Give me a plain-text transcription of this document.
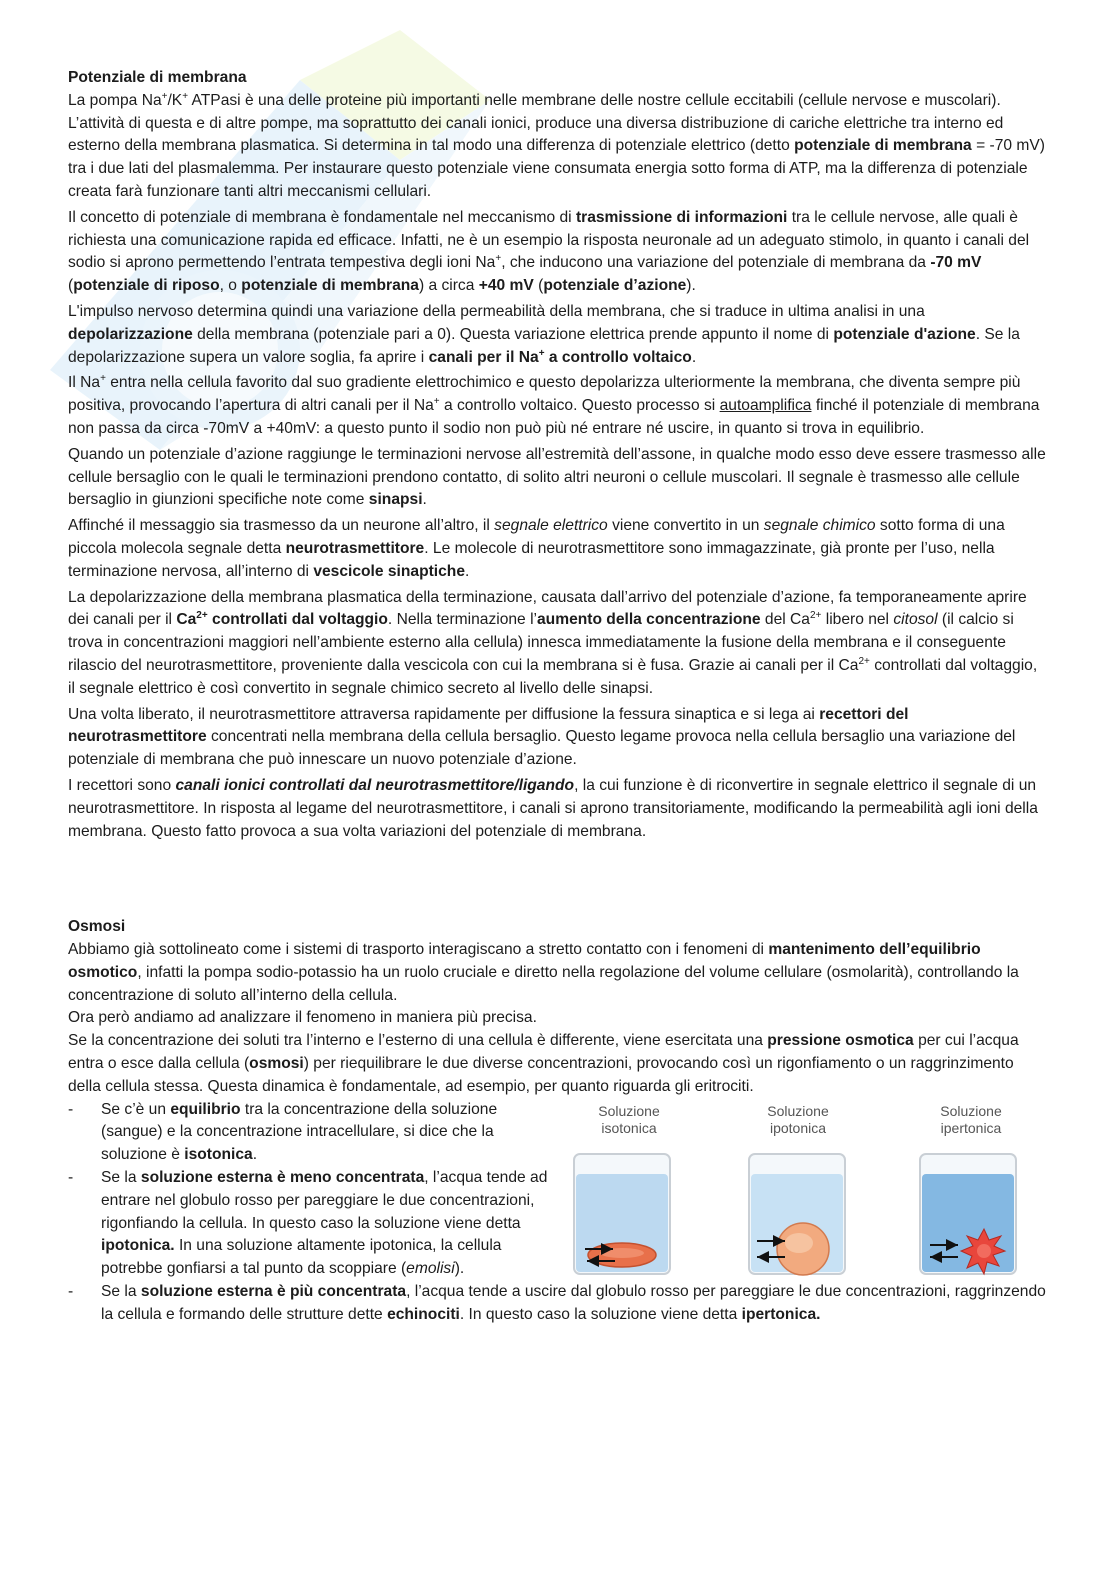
Potenziale di membrana

La pompa Na+/K+ ATPasi è una delle proteine più importanti nelle membrane delle nostre cellule eccitabili (cellule nervose e muscolari). L’attività di questa e di altre pompe, ma soprattutto dei canali ionici, produce una diversa distribuzione di cariche elettriche tra interno ed esterno della membrana plasmatica. Si determina in tal modo una differenza di potenziale elettrico (detto potenziale di membrana = -70 mV) tra i due lati del plasmalemma. Per instaurare questo potenziale viene consumata energia sotto forma di ATP, ma la differenza di potenziale creata farà funzionare tanti altri meccanismi cellulari.

Il concetto di potenziale di membrana è fondamentale nel meccanismo di trasmissione di informazioni tra le cellule nervose, alle quali è richiesta una comunicazione rapida ed efficace. Infatti, ne è un esempio la risposta neuronale ad un adeguato stimolo, in quanto i canali del sodio si aprono permettendo l’entrata tempestiva degli ioni Na+, che inducono una variazione del potenziale di membrana da -70 mV (potenziale di riposo, o potenziale di membrana) a circa +40 mV (potenziale d’azione).

L'impulso nervoso determina quindi una variazione della permeabilità della membrana, che si traduce in ultima analisi in una depolarizzazione della membrana (potenziale pari a 0). Questa variazione elettrica prende appunto il nome di potenziale d'azione. Se la depolarizzazione supera un valore soglia, fa aprire i canali per il Na+ a controllo voltaico.

Il Na+ entra nella cellula favorito dal suo gradiente elettrochimico e questo depolarizza ulteriormente la membrana, che diventa sempre più positiva, provocando l’apertura di altri canali per il Na+ a controllo voltaico. Questo processo si autoamplifica finché il potenziale di membrana non passa da circa -70mV a +40mV: a questo punto il sodio non può più né entrare né uscire, in quanto si trova in equilibrio.

Quando un potenziale d’azione raggiunge le terminazioni nervose all’estremità dell’assone, in qualche modo esso deve essere trasmesso alle cellule bersaglio con le quali le terminazioni prendono contatto, di solito altri neuroni o cellule muscolari. Il segnale è trasmesso alle cellule bersaglio in giunzioni specifiche note come sinapsi.

Affinché il messaggio sia trasmesso da un neurone all’altro, il segnale elettrico viene convertito in un segnale chimico sotto forma di una piccola molecola segnale detta neurotrasmettitore. Le molecole di neurotrasmettitore sono immagazzinate, già pronte per l’uso, nella terminazione nervosa, all’interno di vescicole sinaptiche.

La depolarizzazione della membrana plasmatica della terminazione, causata dall’arrivo del potenziale d’azione, fa temporaneamente aprire dei canali per il $Ca^{2+}$ controllati dal voltaggio. Nella terminazione l’aumento della concentrazione del $Ca^{2+}$ libero nel citosol (il calcio si trova in concentrazioni maggiori nell’ambiente esterno alla cellula) innesca immediatamente la fusione della membrana e il conseguente rilascio del neurotrasmettitore, proveniente dalla vescicola con cui la membrana si è fusa. Grazie ai canali per il $Ca^{2+}$ controllati dal voltaggio, il segnale elettrico è così convertito in segnale chimico secreto al livello delle sinapsi.

Una volta liberato, il neurotrasmettitore attraversa rapidamente per diffusione la fessura sinaptica e si lega ai recettori del neurotrasmettitore concentrati nella membrana della cellula bersaglio. Questo legame provoca nella cellula bersaglio una variazione del potenziale di membrana che può innescare un nuovo potenziale d’azione.

I recettori sono canali ionici controllati dal neurotrasmettitore/ligando, la cui funzione è di riconvertire in segnale elettrico il segnale di un neurotrasmettitore. In risposta al legame del neurotrasmettitore, i canali si aprono transitoriamente, modificando la permeabilità agli ioni della membrana. Questo fatto provoca a sua volta variazioni del potenziale di membrana.

Osmosi

Abbiamo già sottolineato come i sistemi di trasporto interagiscano a stretto contatto con i fenomeni di mantenimento dell’equilibrio osmotico, infatti la pompa sodio-potassio ha un ruolo cruciale e diretto nella regolazione del volume cellulare (osmolarità), controllando la concentrazione di soluto all’interno della cellula.

Ora però andiamo ad analizzare il fenomeno in maniera più precisa.

Se la concentrazione dei soluti tra l’interno e l’esterno di una cellula è differente, viene esercitata una pressione osmotica per cui l’acqua entra o esce dalla cellula (osmosi) per riequilibrare le due diverse concentrazioni, provocando così un rigonfiamento o un raggrinzimento della cellula stessa. Questa dinamica è fondamentale, ad esempio, per quanto riguarda gli eritrociti.

Soluzione
isotonica
Soluzione
ipotonica
Soluzione
ipertonica
- Se c’è un equilibrio tra la concentrazione della soluzione (sangue) e la concentrazione intracellulare, si dice che la soluzione è isotonica.
- Se la soluzione esterna è meno concentrata, l’acqua tende ad entrare nel globulo rosso per pareggiare le due concentrazioni, rigonfiando la cellula. In questo caso la soluzione viene detta ipotonica. In una soluzione altamente ipotonica, la cellula potrebbe gonfiarsi a tal punto da scoppiare (emolisi).
- Se la soluzione esterna è più concentrata, l’acqua tende a uscire dal globulo rosso per pareggiare le due concentrazioni, raggrinzendo la cellula e formando delle strutture dette echinociti. In questo caso la soluzione viene detta ipertonica.
